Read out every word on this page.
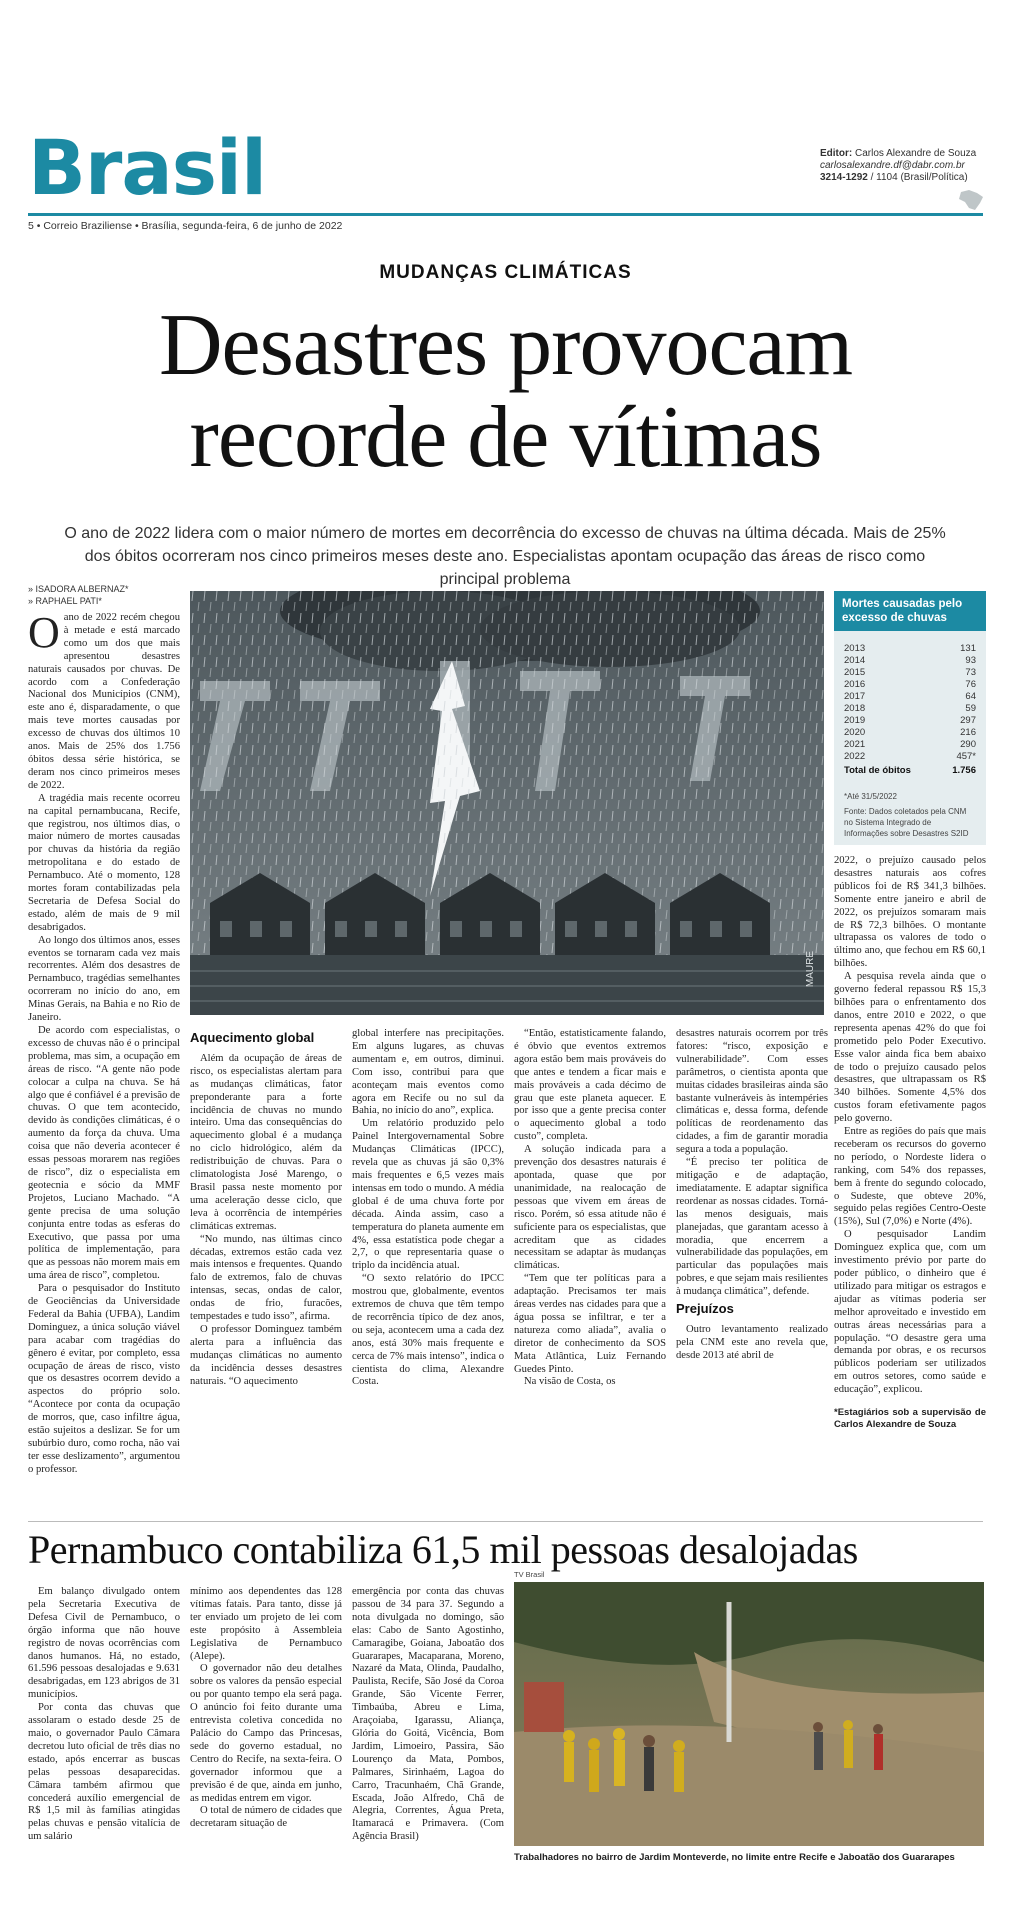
Brasil	Editor: Carlos Alexandre de Souza
carlosalexandre.df@dabr.com.br
3214-1292 / 1104 (Brasil/Política)
5 • Correio Braziliense • Brasília, segunda-feira, 6 de junho de 2022
MUDANÇAS CLIMÁTICAS
Desastres provocam
recorde de vítimas
O ano de 2022 lidera com o maior número de mortes em decorrência do excesso de chuvas na última década. Mais de 25% dos óbitos ocorreram nos cinco primeiros meses deste ano. Especialistas apontam ocupação das áreas de risco como principal problema
» ISADORA ALBERNAZ*
» RAPHAEL PATI*
O ano de 2022 recém chegou à metade e está marcado como um dos que mais apresentou desastres naturais causados por chuvas. De acordo com a Confederação Nacional dos Municípios (CNM), este ano é, disparadamente, o que mais teve mortes causadas por excesso de chuvas dos últimos 10 anos. Mais de 25% dos 1.756 óbitos dessa série histórica, se deram nos cinco primeiros meses de 2022.

A tragédia mais recente ocorreu na capital pernambucana, Recife, que registrou, nos últimos dias, o maior número de mortes causadas por chuvas da história da região metropolitana e do estado de Pernambuco. Até o momento, 128 mortes foram contabilizadas pela Secretaria de Defesa Social do estado, além de mais de 9 mil desabrigados.

Ao longo dos últimos anos, esses eventos se tornaram cada vez mais recorrentes. Além dos desastres de Pernambuco, tragédias semelhantes ocorreram no início do ano, em Minas Gerais, na Bahia e no Rio de Janeiro.

De acordo com especialistas, o excesso de chuvas não é o principal problema, mas sim, a ocupação em áreas de risco. “A gente não pode colocar a culpa na chuva. Se há algo que é confiável é a previsão de chuvas. O que tem acontecido, devido às condições climáticas, é o aumento da força da chuva. Uma coisa que não deveria acontecer é essas pessoas morarem nas regiões de risco”, diz o especialista em geotecnia e sócio da MMF Projetos, Luciano Machado. “A gente precisa de uma solução conjunta entre todas as esferas do Executivo, que passa por uma política de implementação, para que as pessoas não morem mais em uma área de risco”, completou.

Para o pesquisador do Instituto de Geociências da Universidade Federal da Bahia (UFBA), Landim Dominguez, a única solução viável para acabar com tragédias do gênero é evitar, por completo, essa ocupação de áreas de risco, visto que os desastres ocorrem devido a aspectos do próprio solo. “Acontece por conta da ocupação de morros, que, caso infiltre água, estão sujeitos a deslizar. Se for um subúrbio duro, como rocha, não vai ter esse deslizamento”, argumentou o professor.

MAURE
Mortes causadas pelo excesso de chuvas
2013	131
2014	93
2015	73
2016	76
2017	64
2018	59
2019	297
2020	216
2021	290
2022	457*
Total de óbitos	1.756
*Até 31/5/2022
Fonte: Dados coletados pela CNM no Sistema Integrado de Informações sobre Desastres S2ID
Aquecimento global

Além da ocupação de áreas de risco, os especialistas alertam para as mudanças climáticas, fator preponderante para a forte incidência de chuvas no mundo inteiro. Uma das consequências do aquecimento global é a mudança no ciclo hidrológico, além da redistribuição de chuvas. Para o climatologista José Marengo, o Brasil passa neste momento por uma aceleração desse ciclo, que leva à ocorrência de intempéries climáticas extremas.

“No mundo, nas últimas cinco décadas, extremos estão cada vez mais intensos e frequentes. Quando falo de extremos, falo de chuvas intensas, secas, ondas de calor, ondas de frio, furacões, tempestades e tudo isso”, afirma.

O professor Dominguez também alerta para a influência das mudanças climáticas no aumento da incidência desses desastres naturais. “O aquecimento

global interfere nas precipitações. Em alguns lugares, as chuvas aumentam e, em outros, diminui. Com isso, contribui para que aconteçam mais eventos como agora em Recife ou no sul da Bahia, no início do ano”, explica.

Um relatório produzido pelo Painel Intergovernamental Sobre Mudanças Climáticas (IPCC), revela que as chuvas já são 0,3% mais frequentes e 6,5 vezes mais intensas em todo o mundo. A média global é de uma chuva forte por década. Ainda assim, caso a temperatura do planeta aumente em 4%, essa estatística pode chegar a 2,7, o que representaria quase o triplo da incidência atual.

“O sexto relatório do IPCC mostrou que, globalmente, eventos extremos de chuva que têm tempo de recorrência típico de dez anos, ou seja, acontecem uma a cada dez anos, está 30% mais frequente e cerca de 7% mais intenso”, indica o cientista do clima, Alexandre Costa.

“Então, estatisticamente falando, é óbvio que eventos extremos agora estão bem mais prováveis do que antes e tendem a ficar mais e mais prováveis a cada décimo de grau que este planeta aquecer. E por isso que a gente precisa conter o aquecimento global a todo custo”, completa.

A solução indicada para a prevenção dos desastres naturais é apontada, quase que por unanimidade, na realocação de pessoas que vivem em áreas de risco. Porém, só essa atitude não é suficiente para os especialistas, que acreditam que as cidades necessitam se adaptar às mudanças climáticas.

“Tem que ter políticas para a adaptação. Precisamos ter mais áreas verdes nas cidades para que a água possa se infiltrar, e ter a natureza como aliada”, avalia o diretor de conhecimento da SOS Mata Atlântica, Luiz Fernando Guedes Pinto.

Na visão de Costa, os

desastres naturais ocorrem por três fatores: “risco, exposição e vulnerabilidade”. Com esses parâmetros, o cientista aponta que muitas cidades brasileiras ainda são bastante vulneráveis às intempéries climáticas e, dessa forma, defende políticas de reordenamento das cidades, a fim de garantir moradia segura a toda a população.

“É preciso ter política de mitigação e de adaptação, imediatamente. E adaptar significa reordenar as nossas cidades. Torná-las menos desiguais, mais planejadas, que garantam acesso à moradia, que encerrem a vulnerabilidade das populações, em particular das populações mais pobres, e que sejam mais resilientes à mudança climática”, defende.

Prejuízos

Outro levantamento realizado pela CNM este ano revela que, desde 2013 até abril de

2022, o prejuízo causado pelos desastres naturais aos cofres públicos foi de R$ 341,3 bilhões. Somente entre janeiro e abril de 2022, os prejuízos somaram mais de R$ 72,3 bilhões. O montante ultrapassa os valores de todo o último ano, que fechou em R$ 60,1 bilhões.

A pesquisa revela ainda que o governo federal repassou R$ 15,3 bilhões para o enfrentamento dos danos, entre 2010 e 2022, o que representa apenas 42% do que foi prometido pelo Poder Executivo. Esse valor ainda fica bem abaixo de todo o prejuízo causado pelos desastres, que ultrapassam os R$ 340 bilhões. Somente 4,5% dos custos foram efetivamente pagos pelo governo.

Entre as regiões do país que mais receberam os recursos do governo no período, o Nordeste lidera o ranking, com 54% dos repasses, bem à frente do segundo colocado, o Sudeste, que obteve 20%, seguido pelas regiões Centro-Oeste (15%), Sul (7,0%) e Norte (4%).

O pesquisador Landim Dominguez explica que, com um investimento prévio por parte do poder público, o dinheiro que é utilizado para mitigar os estragos e ajudar as vítimas poderia ser melhor aproveitado e investido em outras áreas necessárias para a população. “O desastre gera uma demanda por obras, e os recursos públicos poderiam ser utilizados em outros setores, como saúde e educação”, explicou.

*Estagiários sob a supervisão de Carlos Alexandre de Souza

Pernambuco contabiliza 61,5 mil pessoas desalojadas

Em balanço divulgado ontem pela Secretaria Executiva de Defesa Civil de Pernambuco, o órgão informa que não houve registro de novas ocorrências com danos humanos. Há, no estado, 61.596 pessoas desalojadas e 9.631 desabrigadas, em 123 abrigos de 31 municípios.

Por conta das chuvas que assolaram o estado desde 25 de maio, o governador Paulo Câmara decretou luto oficial de três dias no estado, após encerrar as buscas pelas pessoas desaparecidas. Câmara também afirmou que concederá auxílio emergencial de R$ 1,5 mil às famílias atingidas pelas chuvas e pensão vitalícia de um salário

mínimo aos dependentes das 128 vítimas fatais. Para tanto, disse já ter enviado um projeto de lei com este propósito à Assembleia Legislativa de Pernambuco (Alepe).

O governador não deu detalhes sobre os valores da pensão especial ou por quanto tempo ela será paga. O anúncio foi feito durante uma entrevista coletiva concedida no Palácio do Campo das Princesas, sede do governo estadual, no Centro do Recife, na sexta-feira. O governador informou que a previsão é de que, ainda em junho, as medidas entrem em vigor.

O total de número de cidades que decretaram situação de

emergência por conta das chuvas passou de 34 para 37. Segundo a nota divulgada no domingo, são elas: Cabo de Santo Agostinho, Camaragibe, Goiana, Jaboatão dos Guararapes, Macaparana, Moreno, Nazaré da Mata, Olinda, Paudalho, Paulista, Recife, São José da Coroa Grande, São Vicente Ferrer, Timbaúba, Abreu e Lima, Araçoiaba, Igarassu, Aliança, Glória do Goitá, Vicência, Bom Jardim, Limoeiro, Passira, São Lourenço da Mata, Pombos, Palmares, Sirinhaém, Lagoa do Carro, Tracunhaém, Chã Grande, Escada, João Alfredo, Chã de Alegria, Correntes, Água Preta, Itamaracá e Primavera. (Com Agência Brasil)

TV Brasil
Trabalhadores no bairro de Jardim Monteverde, no limite entre Recife e Jaboatão dos Guararapes
